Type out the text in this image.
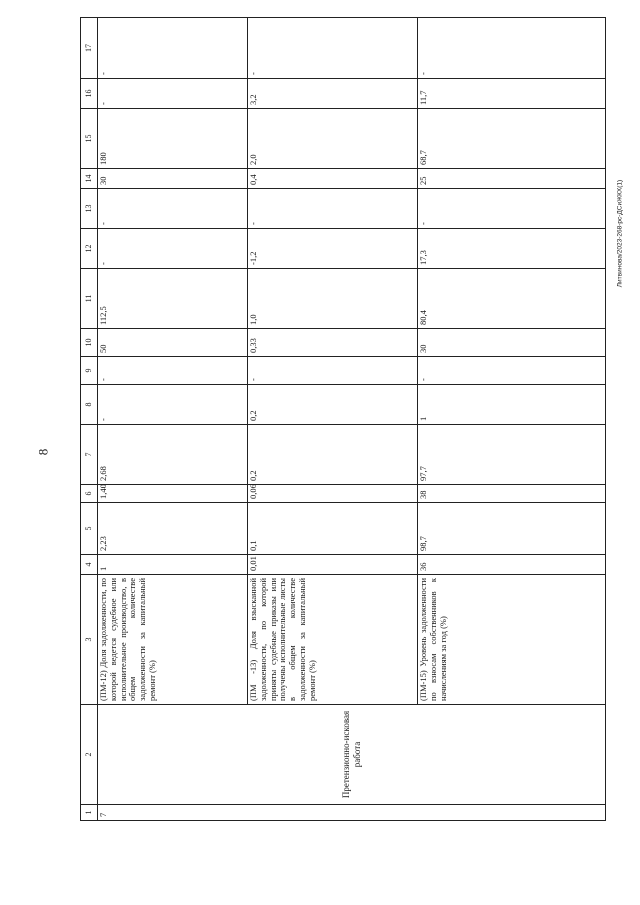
8
Литвинова/2023-268-рс-ДСиЖКХ(1)
1	2	3	4	5	6	7	8	9	10	11	12	13	14	15	16	17
7	Претензионно-исковая работа	(ПМ-12) Доля задолженности, по которой ведется судебное или исполнительное производство, в общем количестве задолженности за капитальный ремонт (%)	1	2,23	1,40	2,68	-	-	50	112,5	-	-	30	180	-	-
		(ПМ -13) Доля взысканной задолженности, по которой приняты судебные приказы или получены исполнительные листы в общем количестве задолженности за капитальный ремонт (%)	0,01	0,1	0,06	0,2	0,2	-	0,33	1,0	-1,2	-	0,4	2,0	3,2	-
		(ПМ-15) Уровень задолженности по взносам собственников к начислениям за год (%)	36	98,7	38	97,7	1	-	30	80,4	17,3	-	25	68,7	11,7	-
